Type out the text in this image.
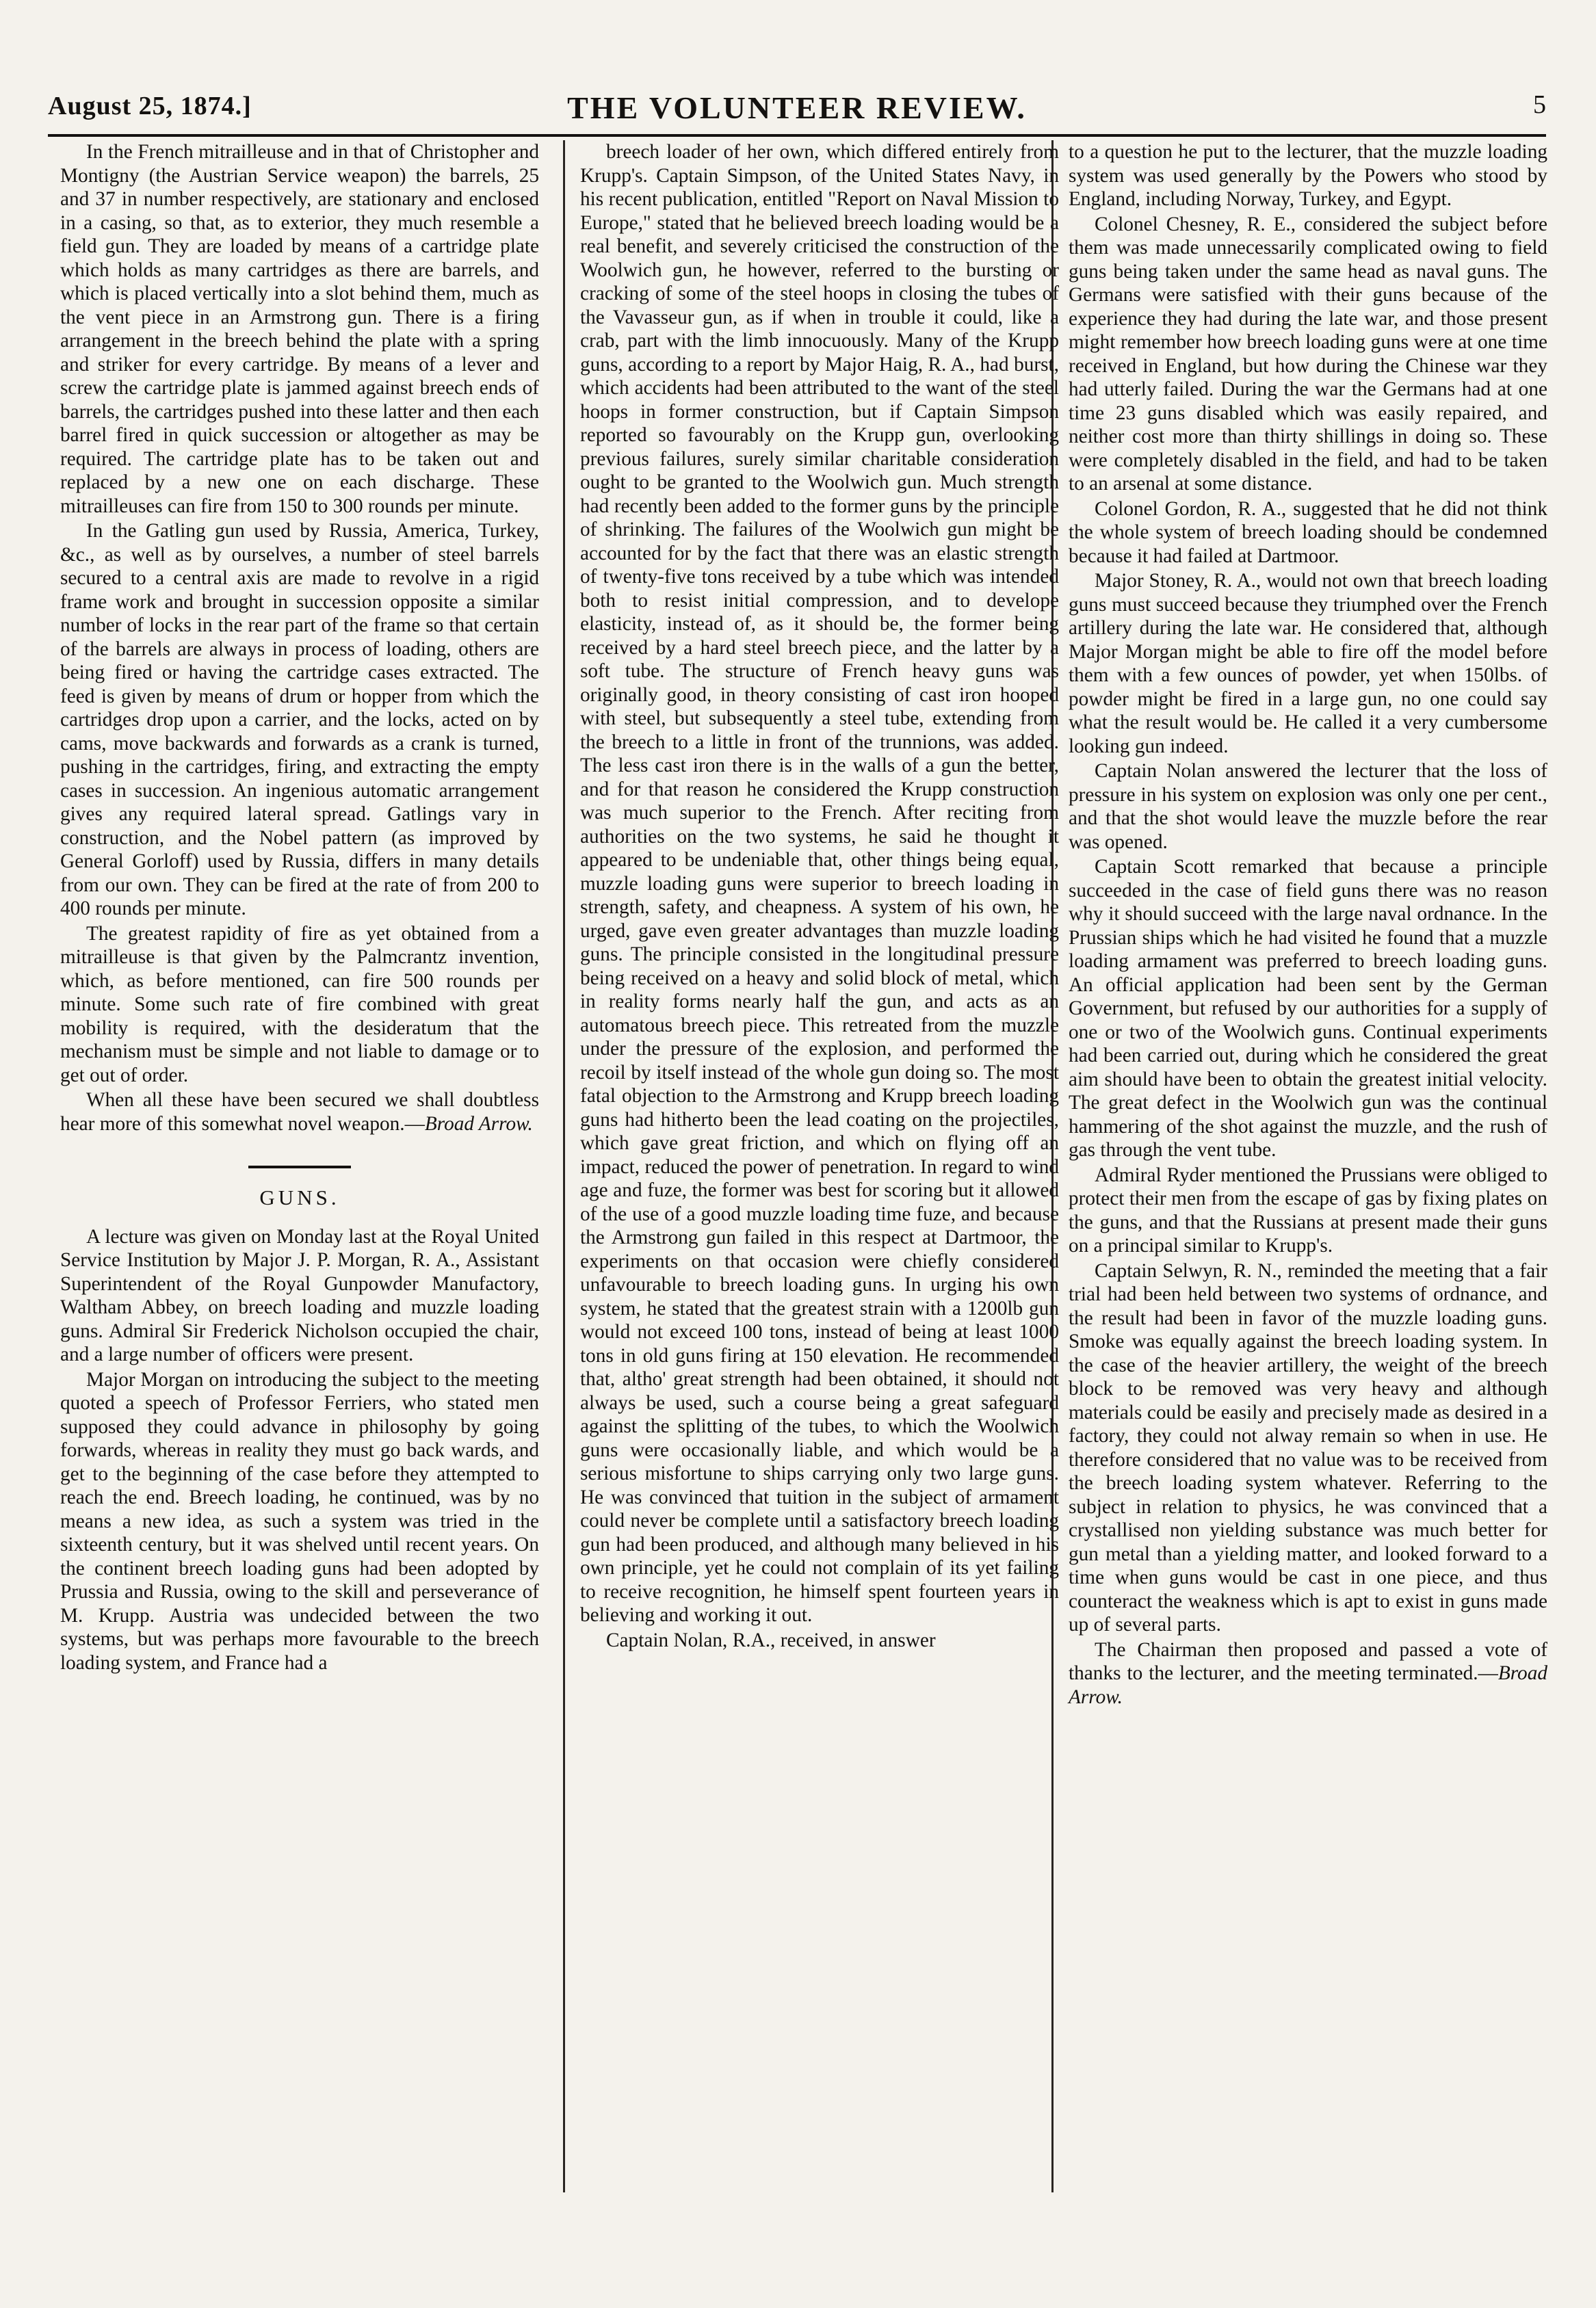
August 25, 1874.]	THE VOLUNTEER REVIEW.	5

In the French mitrailleuse and in that of Christopher and Montigny (the Austrian Service weapon) the barrels, 25 and 37 in number respectively, are stationary and enclosed in a casing, so that, as to exterior, they much resemble a field gun. They are loaded by means of a cartridge plate which holds as many cartridges as there are barrels, and which is placed vertically into a slot behind them, much as the vent piece in an Armstrong gun. There is a firing arrangement in the breech behind the plate with a spring and striker for every cartridge. By means of a lever and screw the cartridge plate is jammed against breech ends of barrels, the cartridges pushed into these latter and then each barrel fired in quick succession or altogether as may be required. The cartridge plate has to be taken out and replaced by a new one on each discharge. These mitrailleuses can fire from 150 to 300 rounds per minute.

In the Gatling gun used by Russia, America, Turkey, &c., as well as by ourselves, a number of steel barrels secured to a central axis are made to revolve in a rigid frame work and brought in succession opposite a similar number of locks in the rear part of the frame so that certain of the barrels are always in process of loading, others are being fired or having the cartridge cases extracted. The feed is given by means of drum or hopper from which the cartridges drop upon a carrier, and the locks, acted on by cams, move backwards and forwards as a crank is turned, pushing in the cartridges, firing, and extracting the empty cases in succession. An ingenious automatic arrangement gives any required lateral spread. Gatlings vary in construction, and the Nobel pattern (as improved by General Gorloff) used by Russia, differs in many details from our own. They can be fired at the rate of from 200 to 400 rounds per minute.

The greatest rapidity of fire as yet obtained from a mitrailleuse is that given by the Palmcrantz invention, which, as before mentioned, can fire 500 rounds per minute. Some such rate of fire combined with great mobility is required, with the desideratum that the mechanism must be simple and not liable to damage or to get out of order.

When all these have been secured we shall doubtless hear more of this somewhat novel weapon.—Broad Arrow.

GUNS.

A lecture was given on Monday last at the Royal United Service Institution by Major J. P. Morgan, R. A., Assistant Superintendent of the Royal Gunpowder Manufactory, Waltham Abbey, on breech loading and muzzle loading guns. Admiral Sir Frederick Nicholson occupied the chair, and a large number of officers were present.

Major Morgan on introducing the subject to the meeting quoted a speech of Professor Ferriers, who stated men supposed they could advance in philosophy by going forwards, whereas in reality they must go back wards, and get to the beginning of the case before they attempted to reach the end. Breech loading, he continued, was by no means a new idea, as such a system was tried in the sixteenth century, but it was shelved until recent years. On the continent breech loading guns had been adopted by Prussia and Russia, owing to the skill and perseverance of M. Krupp. Austria was undecided between the two systems, but was perhaps more favourable to the breech loading system, and France had a

breech loader of her own, which differed entirely from Krupp's. Captain Simpson, of the United States Navy, in his recent publication, entitled "Report on Naval Mission to Europe," stated that he believed breech loading would be a real benefit, and severely criticised the construction of the Woolwich gun, he however, referred to the bursting or cracking of some of the steel hoops in closing the tubes of the Vavasseur gun, as if when in trouble it could, like a crab, part with the limb innocuously. Many of the Krupp guns, according to a report by Major Haig, R. A., had burst, which accidents had been attributed to the want of the steel hoops in former construction, but if Captain Simpson reported so favourably on the Krupp gun, overlooking previous failures, surely similar charitable consideration ought to be granted to the Woolwich gun. Much strength had recently been added to the former guns by the principle of shrinking. The failures of the Woolwich gun might be accounted for by the fact that there was an elastic strength of twenty-five tons received by a tube which was intended both to resist initial compression, and to develope elasticity, instead of, as it should be, the former being received by a hard steel breech piece, and the latter by a soft tube. The structure of French heavy guns was originally good, in theory consisting of cast iron hooped with steel, but subsequently a steel tube, extending from the breech to a little in front of the trunnions, was added. The less cast iron there is in the walls of a gun the better, and for that reason he considered the Krupp construction was much superior to the French. After reciting from authorities on the two systems, he said he thought it appeared to be undeniable that, other things being equal, muzzle loading guns were superior to breech loading in strength, safety, and cheapness. A system of his own, he urged, gave even greater advantages than muzzle loading guns. The principle consisted in the longitudinal pressure being received on a heavy and solid block of metal, which in reality forms nearly half the gun, and acts as an automatous breech piece. This retreated from the muzzle under the pressure of the explosion, and performed the recoil by itself instead of the whole gun doing so. The most fatal objection to the Armstrong and Krupp breech loading guns had hitherto been the lead coating on the projectiles, which gave great friction, and which on flying off an impact, reduced the power of penetration. In regard to wind age and fuze, the former was best for scoring but it allowed of the use of a good muzzle loading time fuze, and because the Armstrong gun failed in this respect at Dartmoor, the experiments on that occasion were chiefly considered unfavourable to breech loading guns. In urging his own system, he stated that the greatest strain with a 1200lb gun would not exceed 100 tons, instead of being at least 1000 tons in old guns firing at 150 elevation. He recommended that, altho' great strength had been obtained, it should not always be used, such a course being a great safeguard against the splitting of the tubes, to which the Woolwich guns were occasionally liable, and which would be a serious misfortune to ships carrying only two large guns. He was convinced that tuition in the subject of armament could never be complete until a satisfactory breech loading gun had been produced, and although many believed in his own principle, yet he could not complain of its yet failing to receive recognition, he himself spent fourteen years in believing and working it out.

Captain Nolan, R.A., received, in answer

to a question he put to the lecturer, that the muzzle loading system was used generally by the Powers who stood by England, including Norway, Turkey, and Egypt.

Colonel Chesney, R. E., considered the subject before them was made unnecessarily complicated owing to field guns being taken under the same head as naval guns. The Germans were satisfied with their guns because of the experience they had during the late war, and those present might remember how breech loading guns were at one time received in England, but how during the Chinese war they had utterly failed. During the war the Germans had at one time 23 guns disabled which was easily repaired, and neither cost more than thirty shillings in doing so. These were completely disabled in the field, and had to be taken to an arsenal at some distance.

Colonel Gordon, R. A., suggested that he did not think the whole system of breech loading should be condemned because it had failed at Dartmoor.

Major Stoney, R. A., would not own that breech loading guns must succeed because they triumphed over the French artillery during the late war. He considered that, although Major Morgan might be able to fire off the model before them with a few ounces of powder, yet when 150lbs. of powder might be fired in a large gun, no one could say what the result would be. He called it a very cumbersome looking gun indeed.

Captain Nolan answered the lecturer that the loss of pressure in his system on explosion was only one per cent., and that the shot would leave the muzzle before the rear was opened.

Captain Scott remarked that because a principle succeeded in the case of field guns there was no reason why it should succeed with the large naval ordnance. In the Prussian ships which he had visited he found that a muzzle loading armament was preferred to breech loading guns. An official application had been sent by the German Government, but refused by our authorities for a supply of one or two of the Woolwich guns. Continual experiments had been carried out, during which he considered the great aim should have been to obtain the greatest initial velocity. The great defect in the Woolwich gun was the continual hammering of the shot against the muzzle, and the rush of gas through the vent tube.

Admiral Ryder mentioned the Prussians were obliged to protect their men from the escape of gas by fixing plates on the guns, and that the Russians at present made their guns on a principal similar to Krupp's.

Captain Selwyn, R. N., reminded the meeting that a fair trial had been held between two systems of ordnance, and the result had been in favor of the muzzle loading guns. Smoke was equally against the breech loading system. In the case of the heavier artillery, the weight of the breech block to be removed was very heavy and although materials could be easily and precisely made as desired in a factory, they could not alway remain so when in use. He therefore considered that no value was to be received from the breech loading system whatever. Referring to the subject in relation to physics, he was convinced that a crystallised non yielding substance was much better for gun metal than a yielding matter, and looked forward to a time when guns would be cast in one piece, and thus counteract the weakness which is apt to exist in guns made up of several parts.

The Chairman then proposed and passed a vote of thanks to the lecturer, and the meeting terminated.—Broad Arrow.
